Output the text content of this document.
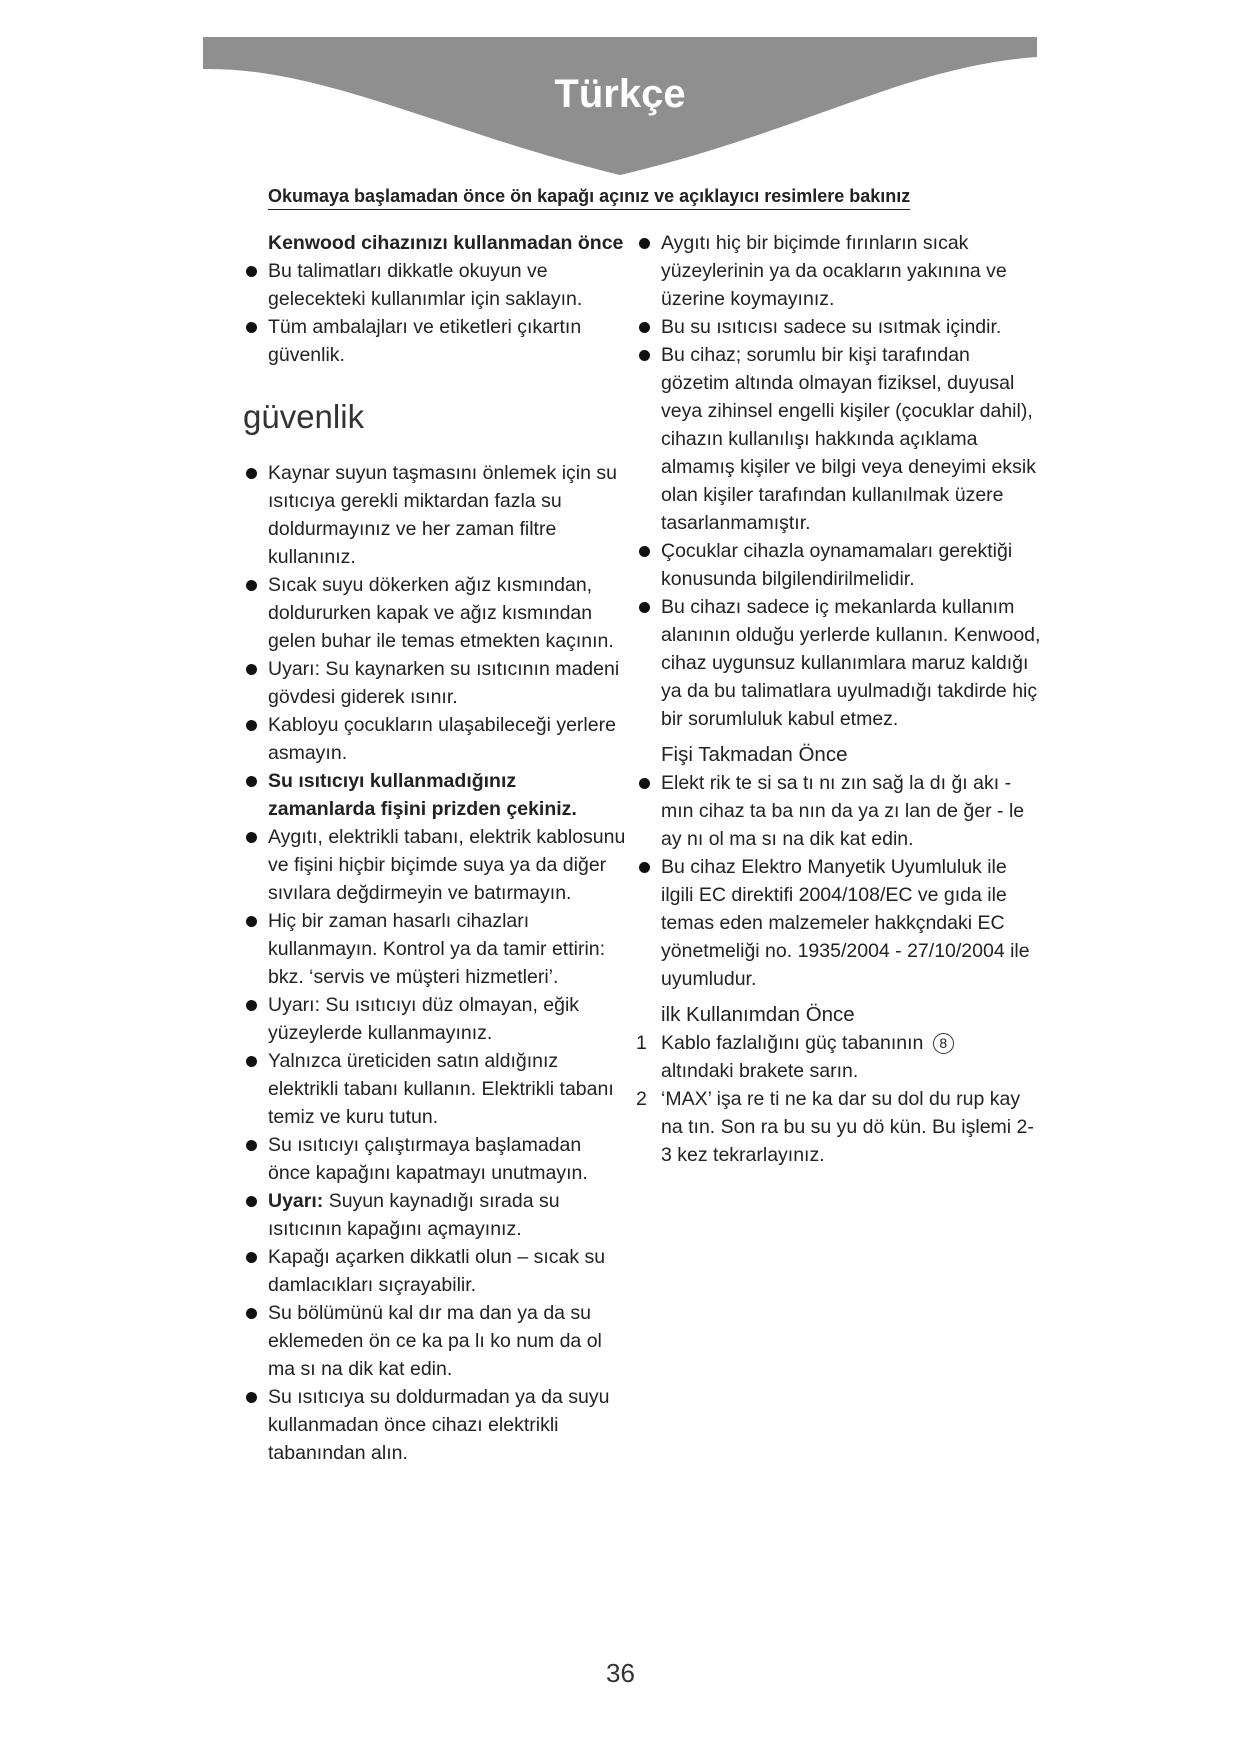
Türkçe
Okumaya başlamadan önce ön kapağı açınız ve açıklayıcı resimlere bakınız
Kenwood cihazınızı kullanmadan önce
Bu talimatları dikkatle okuyun ve gelecekteki kullanımlar için saklayın.
Tüm ambalajları ve etiketleri çıkartın güvenlik.
güvenlik
Kaynar suyun taşmasını önlemek için su ısıtıcıya gerekli miktardan fazla su doldurmayınız ve her zaman filtre kullanınız.
Sıcak suyu dökerken ağız kısmından, doldururken kapak ve ağız kısmından gelen buhar ile temas etmekten kaçının.
Uyarı: Su kaynarken su ısıtıcının madeni gövdesi giderek ısınır.
Kabloyu çocukların ulaşabileceği yerlere asmayın.
Su ısıtıcıyı kullanmadığınız zamanlarda fişini prizden çekiniz.
Aygıtı, elektrikli tabanı, elektrik kablosunu ve fişini hiçbir biçimde suya ya da diğer sıvılara değdirmeyin ve batırmayın.
Hiç bir zaman hasarlı cihazları kullanmayın. Kontrol ya da tamir ettirin: bkz. ‘servis ve müşteri hizmetleri’.
Uyarı: Su ısıtıcıyı düz olmayan, eğik yüzeylerde kullanmayınız.
Yalnızca üreticiden satın aldığınız elektrikli tabanı kullanın. Elektrikli tabanı temiz ve kuru tutun.
Su ısıtıcıyı çalıştırmaya başlamadan önce kapağını kapatmayı unutmayın.
Uyarı: Suyun kaynadığı sırada su ısıtıcının kapağını açmayınız.
Kapağı açarken dikkatli olun – sıcak su damlacıkları sıçrayabilir.
Su bölümünü kal dır ma dan ya da su eklemeden ön ce ka pa lı ko num da ol ma sı na dik kat edin.
Su ısıtıcıya su doldurmadan ya da suyu kullanmadan önce cihazı elektrikli tabanından alın.
Aygıtı hiç bir biçimde fırınların sıcak yüzeylerinin ya da ocakların yakınına ve üzerine koymayınız.
Bu su ısıtıcısı sadece su ısıtmak içindir.
Bu cihaz; sorumlu bir kişi tarafından gözetim altında olmayan fiziksel, duyusal veya zihinsel engelli kişiler (çocuklar dahil), cihazın kullanılışı hakkında açıklama almamış kişiler ve bilgi veya deneyimi eksik olan kişiler tarafından kullanılmak üzere tasarlanmamıştır.
Çocuklar cihazla oynamamaları gerektiği konusunda bilgilendirilmelidir.
Bu cihazı sadece iç mekanlarda kullanım alanının olduğu yerlerde kullanın. Kenwood, cihaz uygunsuz kullanımlara maruz kaldığı ya da bu talimatlara uyulmadığı takdirde hiç bir sorumluluk kabul etmez.
Fişi Takmadan Önce
Elekt rik te si sa tı nı zın sağ la dı ğı akı - mın cihaz ta ba nın da ya zı lan de ğer - le ay nı ol ma sı na dik kat edin.
Bu cihaz Elektro Manyetik Uyumluluk ile ilgili EC direktifi 2004/108/EC ve gıda ile temas eden malzemeler hakkçndaki EC yönetmeliği no. 1935/2004 - 27/10/2004 ile uyumludur.
ilk Kullanımdan Önce
1 Kablo fazlalığını güç tabanının 8
altındaki brakete sarın.
2 ‘MAX’ işa re ti ne ka dar su dol du rup kay na tın. Son ra bu su yu dö kün. Bu işlemi 2-3 kez tekrarlayınız.
36
